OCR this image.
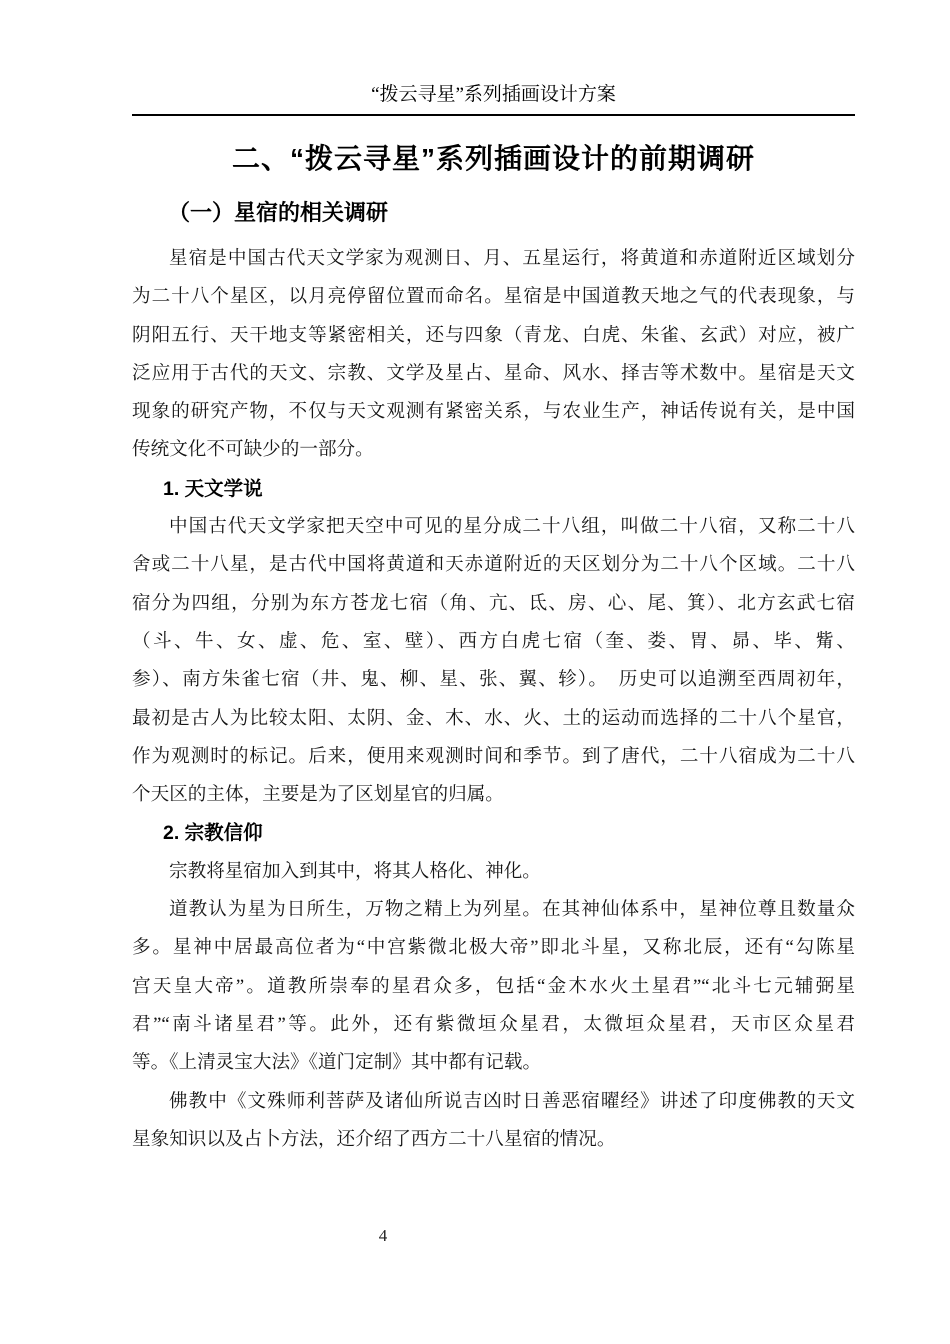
“拨云寻星”系列插画设计方案
二、“拨云寻星”系列插画设计的前期调研
（一）星宿的相关调研
星宿是中国古代天文学家为观测日、月、五星运行，将黄道和赤道附近区域划分
为二十八个星区，以月亮停留位置而命名。星宿是中国道教天地之气的代表现象，与
阴阳五行、天干地支等紧密相关，还与四象（青龙、白虎、朱雀、玄武）对应，被广
泛应用于古代的天文、宗教、文学及星占、星命、风水、择吉等术数中。星宿是天文
现象的研究产物，不仅与天文观测有紧密关系，与农业生产，神话传说有关，是中国
传统文化不可缺少的一部分。
1. 天文学说
中国古代天文学家把天空中可见的星分成二十八组，叫做二十八宿，又称二十八
舍或二十八星，是古代中国将黄道和天赤道附近的天区划分为二十八个区域。二十八
宿分为四组，分别为东方苍龙七宿（角、亢、氐、房、心、尾、箕）、北方玄武七宿
（斗、牛、女、虚、危、室、壁）、西方白虎七宿（奎、娄、胃、昴、毕、觜、
参）、南方朱雀七宿（井、鬼、柳、星、张、翼、轸）。　历史可以追溯至西周初年，
最初是古人为比较太阳、太阴、金、木、水、火、土的运动而选择的二十八个星官，
作为观测时的标记。后来，便用来观测时间和季节。到了唐代，二十八宿成为二十八
个天区的主体，主要是为了区划星官的归属。
2. 宗教信仰
宗教将星宿加入到其中，将其人格化、神化。
道教认为星为日所生，万物之精上为列星。在其神仙体系中，星神位尊且数量众
多。星神中居最高位者为“中宫紫微北极大帝”即北斗星，又称北辰，还有“勾陈星
宫天皇大帝”。道教所崇奉的星君众多，包括“金木水火土星君”“北斗七元辅弼星
君”“南斗诸星君”等。此外，还有紫微垣众星君，太微垣众星君，天市区众星君
等。《上清灵宝大法》《道门定制》其中都有记载。
佛教中《文殊师利菩萨及诸仙所说吉凶时日善恶宿曜经》讲述了印度佛教的天文
星象知识以及占卜方法，还介绍了西方二十八星宿的情况。
4
